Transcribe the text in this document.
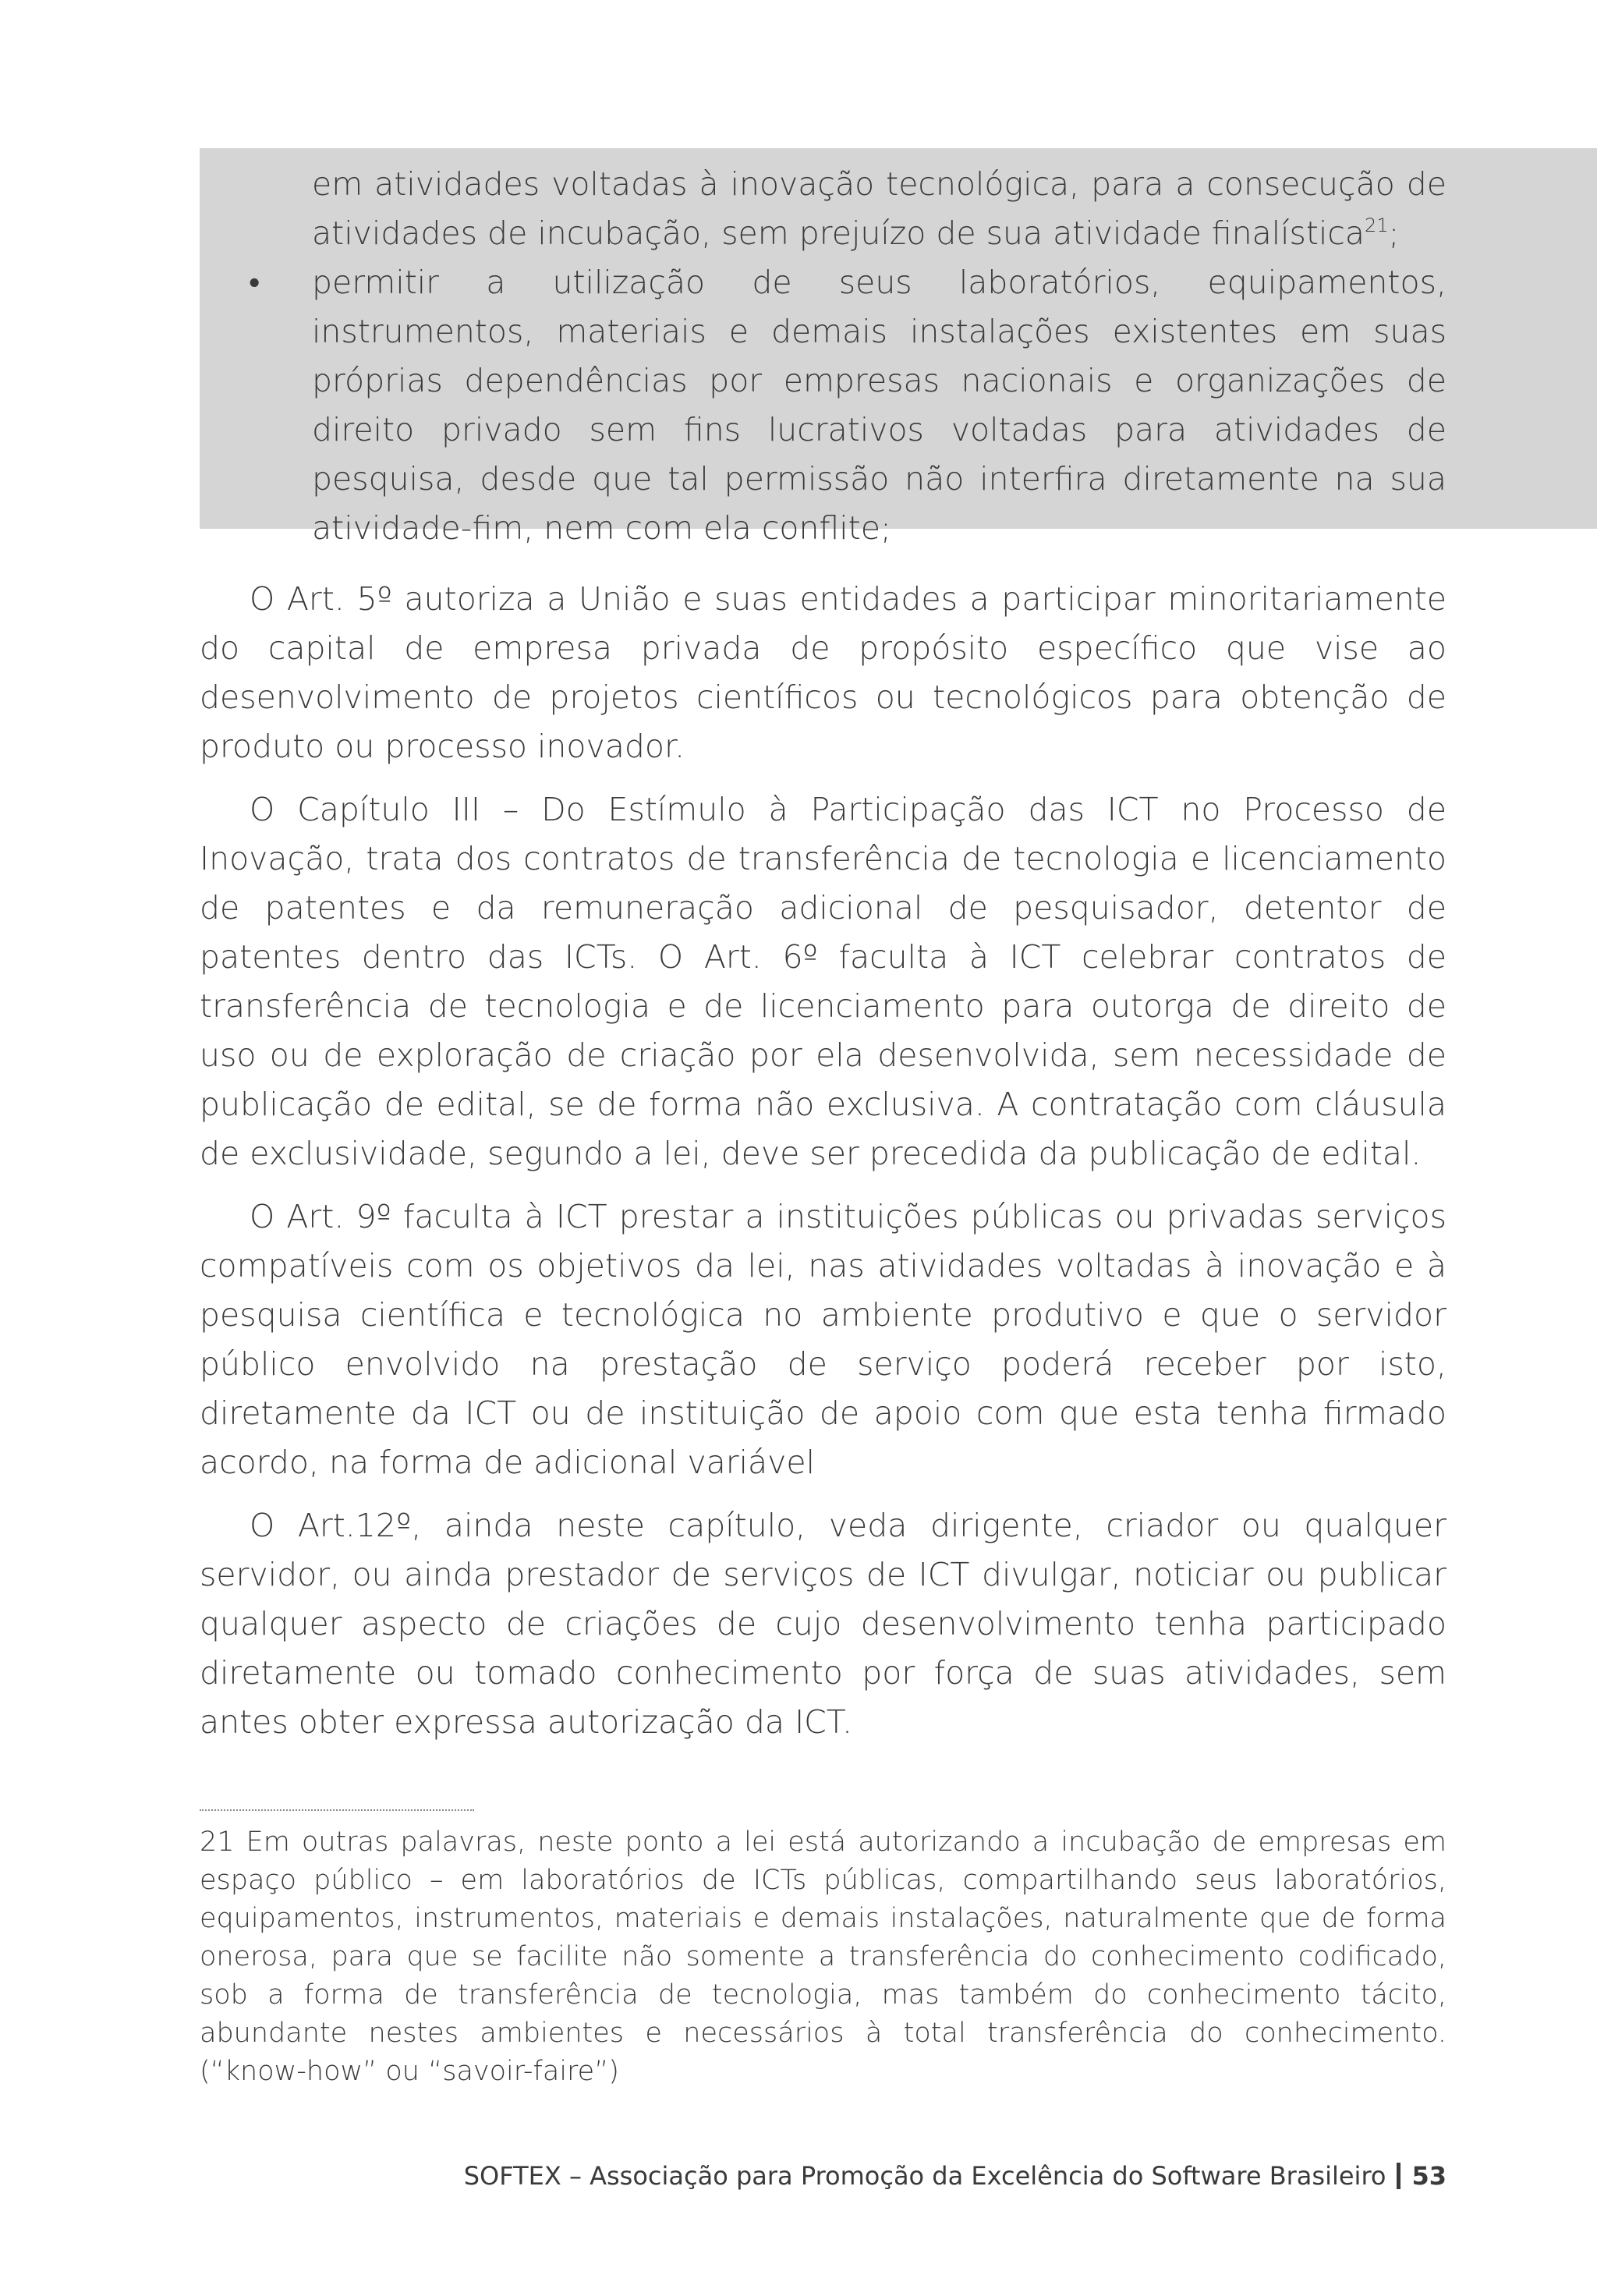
em atividades voltadas à inovação tecnológica, para a consecução de atividades de incubação, sem prejuízo de sua atividade finalística$^{21}$;

• permitir a utilização de seus laboratórios, equipamentos, instrumentos, materiais e demais instalações existentes em suas próprias dependências por empresas nacionais e organizações de direito privado sem fins lucrativos voltadas para atividades de pesquisa, desde que tal permissão não interfira diretamente na sua atividade-fim, nem com ela conflite;

O Art. 5º autoriza a União e suas entidades a participar minoritariamente do capital de empresa privada de propósito específico que vise ao desenvolvimento de projetos científicos ou tecnológicos para obtenção de produto ou processo inovador.

O Capítulo III – Do Estímulo à Participação das ICT no Processo de Inovação, trata dos contratos de transferência de tecnologia e licenciamento de patentes e da remuneração adicional de pesquisador, detentor de patentes dentro das ICTs. O Art. 6º faculta à ICT celebrar contratos de transferência de tecnologia e de licenciamento para outorga de direito de uso ou de exploração de criação por ela desenvolvida, sem necessidade de publicação de edital, se de forma não exclusiva. A contratação com cláusula de exclusividade, segundo a lei, deve ser precedida da publicação de edital.

O Art. 9º faculta à ICT prestar a instituições públicas ou privadas serviços compatíveis com os objetivos da lei, nas atividades voltadas à inovação e à pesquisa científica e tecnológica no ambiente produtivo e que o servidor público envolvido na prestação de serviço poderá receber por isto, diretamente da ICT ou de instituição de apoio com que esta tenha firmado acordo, na forma de adicional variável

O Art.12º, ainda neste capítulo, veda dirigente, criador ou qualquer servidor, ou ainda prestador de serviços de ICT divulgar, noticiar ou publicar qualquer aspecto de criações de cujo desenvolvimento tenha participado diretamente ou tomado conhecimento por força de suas atividades, sem antes obter expressa autorização da ICT.

21 Em outras palavras, neste ponto a lei está autorizando a incubação de empresas em espaço público – em laboratórios de ICTs públicas, compartilhando seus laboratórios, equipamentos, instrumentos, materiais e demais instalações, naturalmente que de forma onerosa, para que se facilite não somente a transferência do conhecimento codificado, sob a forma de transferência de tecnologia, mas também do conhecimento tácito, abundante nestes ambientes e necessários à total transferência do conhecimento. (“know-how” ou “savoir-faire”)

SOFTEX – Associação para Promoção da Excelência do Software Brasileiro 53
